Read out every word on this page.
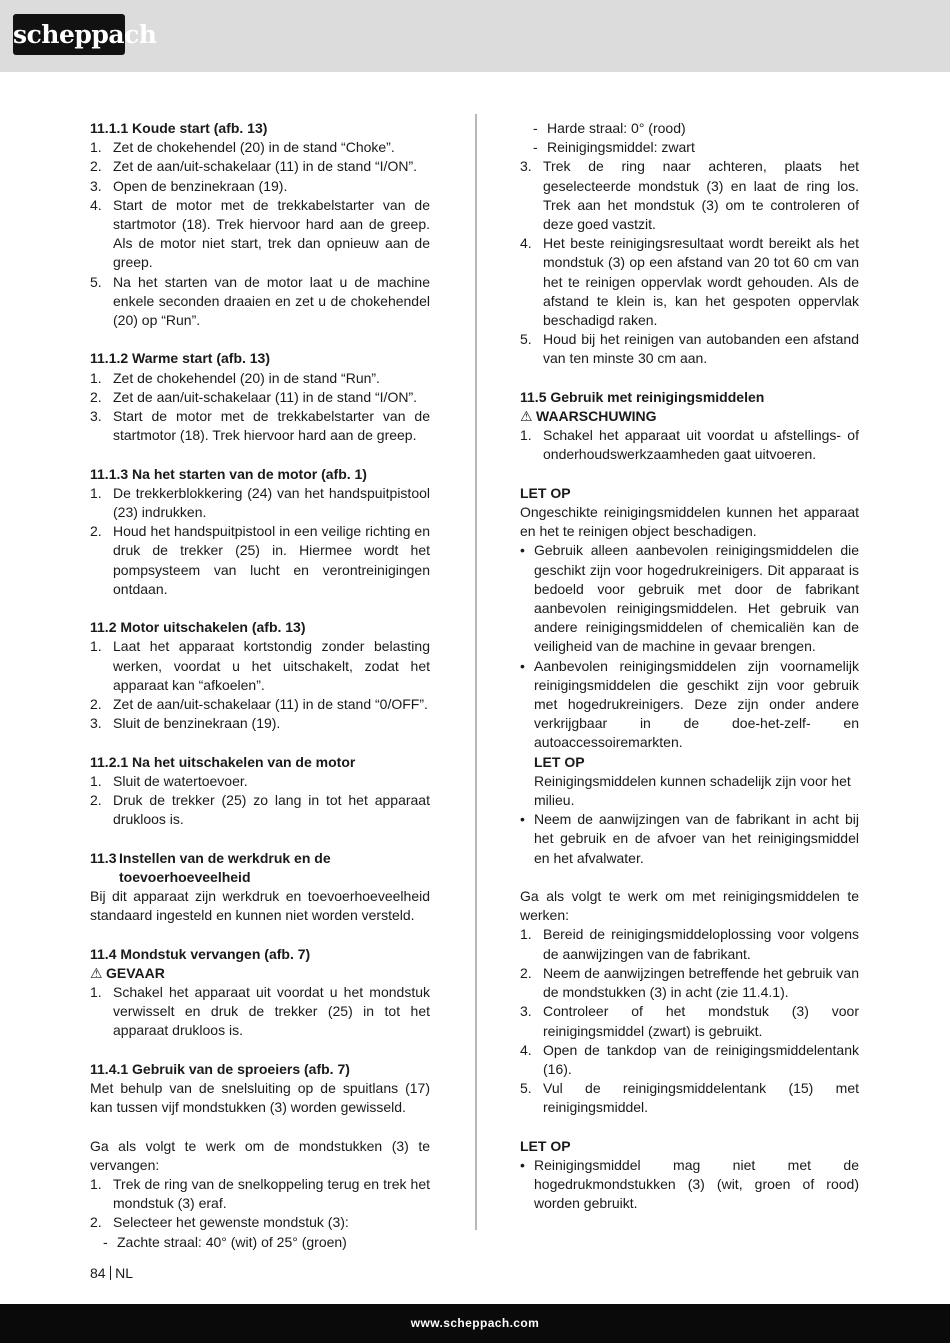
scheppach
11.1.1 Koude start (afb. 13)
1. Zet de chokehendel (20) in de stand “Choke”.
2. Zet de aan/uit-schakelaar (11) in de stand “I/ON”.
3. Open de benzinekraan (19).
4. Start de motor met de trekkabelstarter van de startmotor (18). Trek hiervoor hard aan de greep. Als de motor niet start, trek dan opnieuw aan de greep.
5. Na het starten van de motor laat u de machine enkele seconden draaien en zet u de chokehendel (20) op “Run”.
11.1.2 Warme start (afb. 13)
1. Zet de chokehendel (20) in de stand “Run”.
2. Zet de aan/uit-schakelaar (11) in de stand “I/ON”.
3. Start de motor met de trekkabelstarter van de startmotor (18). Trek hiervoor hard aan de greep.
11.1.3 Na het starten van de motor (afb. 1)
1. De trekkerblokkering (24) van het handspuitpistool (23) indrukken.
2. Houd het handspuitpistool in een veilige richting en druk de trekker (25) in. Hiermee wordt het pompsysteem van lucht en verontreinigingen ontdaan.
11.2 Motor uitschakelen (afb. 13)
1. Laat het apparaat kortstondig zonder belasting werken, voordat u het uitschakelt, zodat het apparaat kan “afkoelen”.
2. Zet de aan/uit-schakelaar (11) in de stand “0/OFF”.
3. Sluit de benzinekraan (19).
11.2.1 Na het uitschakelen van de motor
1. Sluit de watertoevoer.
2. Druk de trekker (25) zo lang in tot het apparaat drukloos is.
11.3 Instellen van de werkdruk en de toevoerhoeveelheid
Bij dit apparaat zijn werkdruk en toevoerhoeveelheid standaard ingesteld en kunnen niet worden versteld.
11.4 Mondstuk vervangen (afb. 7)
⚠ GEVAAR
1. Schakel het apparaat uit voordat u het mondstuk verwisselt en druk de trekker (25) in tot het apparaat drukloos is.
11.4.1 Gebruik van de sproeiers (afb. 7)
Met behulp van de snelsluiting op de spuitlans (17) kan tussen vijf mondstukken (3) worden gewisseld.
Ga als volgt te werk om de mondstukken (3) te vervangen:
1. Trek de ring van de snelkoppeling terug en trek het mondstuk (3) eraf.
2. Selecteer het gewenste mondstuk (3):
- Zachte straal: 40° (wit) of 25° (groen)
- Harde straal: 0° (rood)
- Reinigingsmiddel: zwart
3. Trek de ring naar achteren, plaats het geselecteerde mondstuk (3) en laat de ring los. Trek aan het mondstuk (3) om te controleren of deze goed vastzit.
4. Het beste reinigingsresultaat wordt bereikt als het mondstuk (3) op een afstand van 20 tot 60 cm van het te reinigen oppervlak wordt gehouden. Als de afstand te klein is, kan het gespoten oppervlak beschadigd raken.
5. Houd bij het reinigen van autobanden een afstand van ten minste 30 cm aan.
11.5 Gebruik met reinigingsmiddelen
⚠ WAARSCHUWING
1. Schakel het apparaat uit voordat u afstellings- of onderhoudswerkzaamheden gaat uitvoeren.
LET OP
Ongeschikte reinigingsmiddelen kunnen het apparaat en het te reinigen object beschadigen.
• Gebruik alleen aanbevolen reinigingsmiddelen die geschikt zijn voor hogedrukreinigers. Dit apparaat is bedoeld voor gebruik met door de fabrikant aanbevolen reinigingsmiddelen. Het gebruik van andere reinigingsmiddelen of chemicaliën kan de veiligheid van de machine in gevaar brengen.
• Aanbevolen reinigingsmiddelen zijn voornamelijk reinigingsmiddelen die geschikt zijn voor gebruik met hogedrukreinigers. Deze zijn onder andere verkrijgbaar in de doe-het-zelf- en autoaccessoiremarkten.
LET OP
Reinigingsmiddelen kunnen schadelijk zijn voor het milieu.
• Neem de aanwijzingen van de fabrikant in acht bij het gebruik en de afvoer van het reinigingsmiddel en het afvalwater.
Ga als volgt te werk om met reinigingsmiddelen te werken:
1. Bereid de reinigingsmiddeloplossing voor volgens de aanwijzingen van de fabrikant.
2. Neem de aanwijzingen betreffende het gebruik van de mondstukken (3) in acht (zie 11.4.1).
3. Controleer of het mondstuk (3) voor reinigingsmiddel (zwart) is gebruikt.
4. Open de tankdop van de reinigingsmiddelentank (16).
5. Vul de reinigingsmiddelentank (15) met reinigingsmiddel.
LET OP
• Reinigingsmiddel mag niet met de hogedrukmondstukken (3) (wit, groen of rood) worden gebruikt.
84 NL
www.scheppach.com
